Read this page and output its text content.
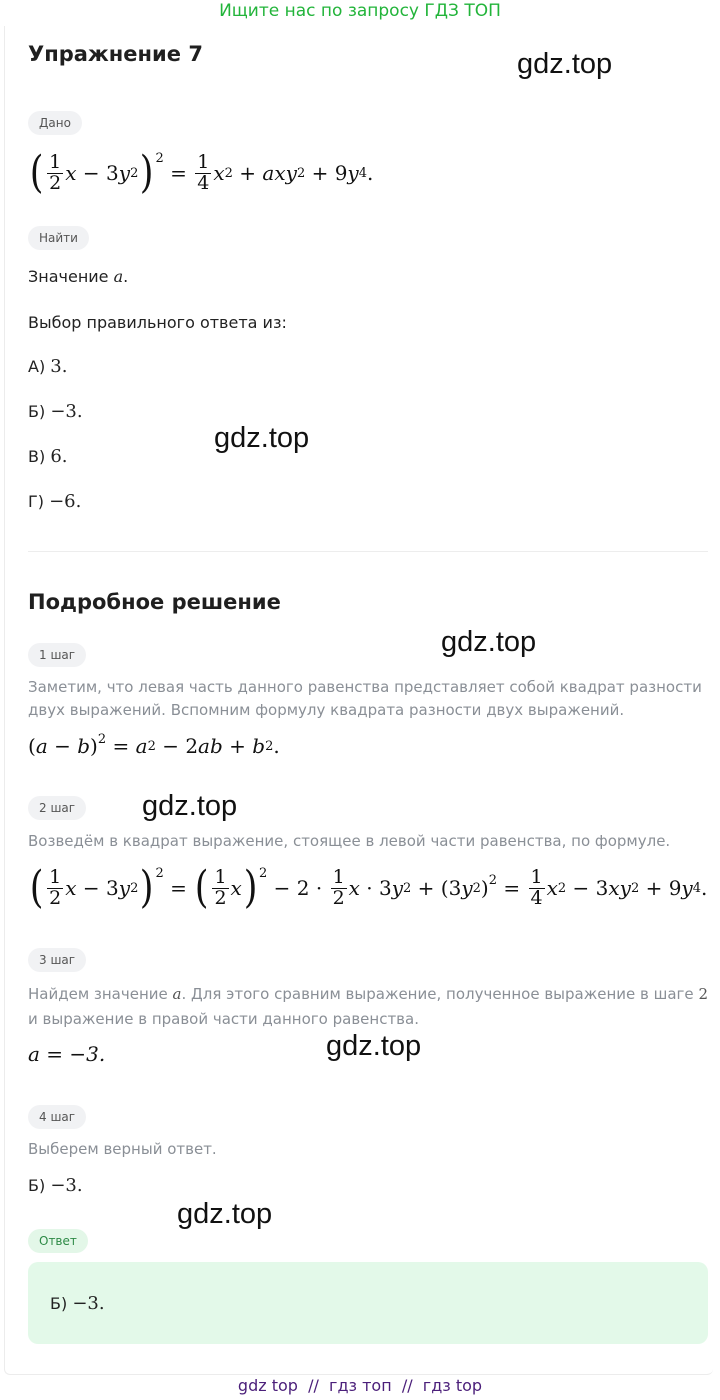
Ищите нас по запросу ГДЗ ТОП
Упражнение 7	gdz.top
Дано
( $\frac{1}{2}$ x − 3 y 2 )$^2$
= $\frac{1}{4}$ x 2 + axy 2 + 9 y 4 .
Найти
Значение a.
Выбор правильного ответа из:
А) 3.
Б) −3.
В) 6.
Г) −6.
gdz.top
Подробное решение
gdz.top
1 шаг
Заметим, что левая часть данного равенства представляет собой квадрат разности двух выражений. Вспомним формулу квадрата разности двух выражений.
( a − b )$^2$ = a 2 − 2 ab + b 2 .
2 шаг	gdz.top
Возведём в квадрат выражение, стоящее в левой части равенства, по формуле.
( $\frac{1}{2}$ x − 3 y 2 )$^2$
= ( $\frac{1}{2}$ x )$^2$
− $2 \cdot \frac{1}{2}$ x · 3 y 2 + (3 y 2 )$^2 = \frac{1}{4}$ x 2 − 3 xy 2 + 9 y 4 .
3 шаг
Найдем значение a. Для этого сравним выражение, полученное выражение в шаге 2
и выражение в правой части данного равенства.
a = −3.	gdz.top
4 шаг
Выберем верный ответ.
Б) −3.
gdz.top
Ответ
Б) −3.
gdz top  //  гдз топ  //  гдз top
